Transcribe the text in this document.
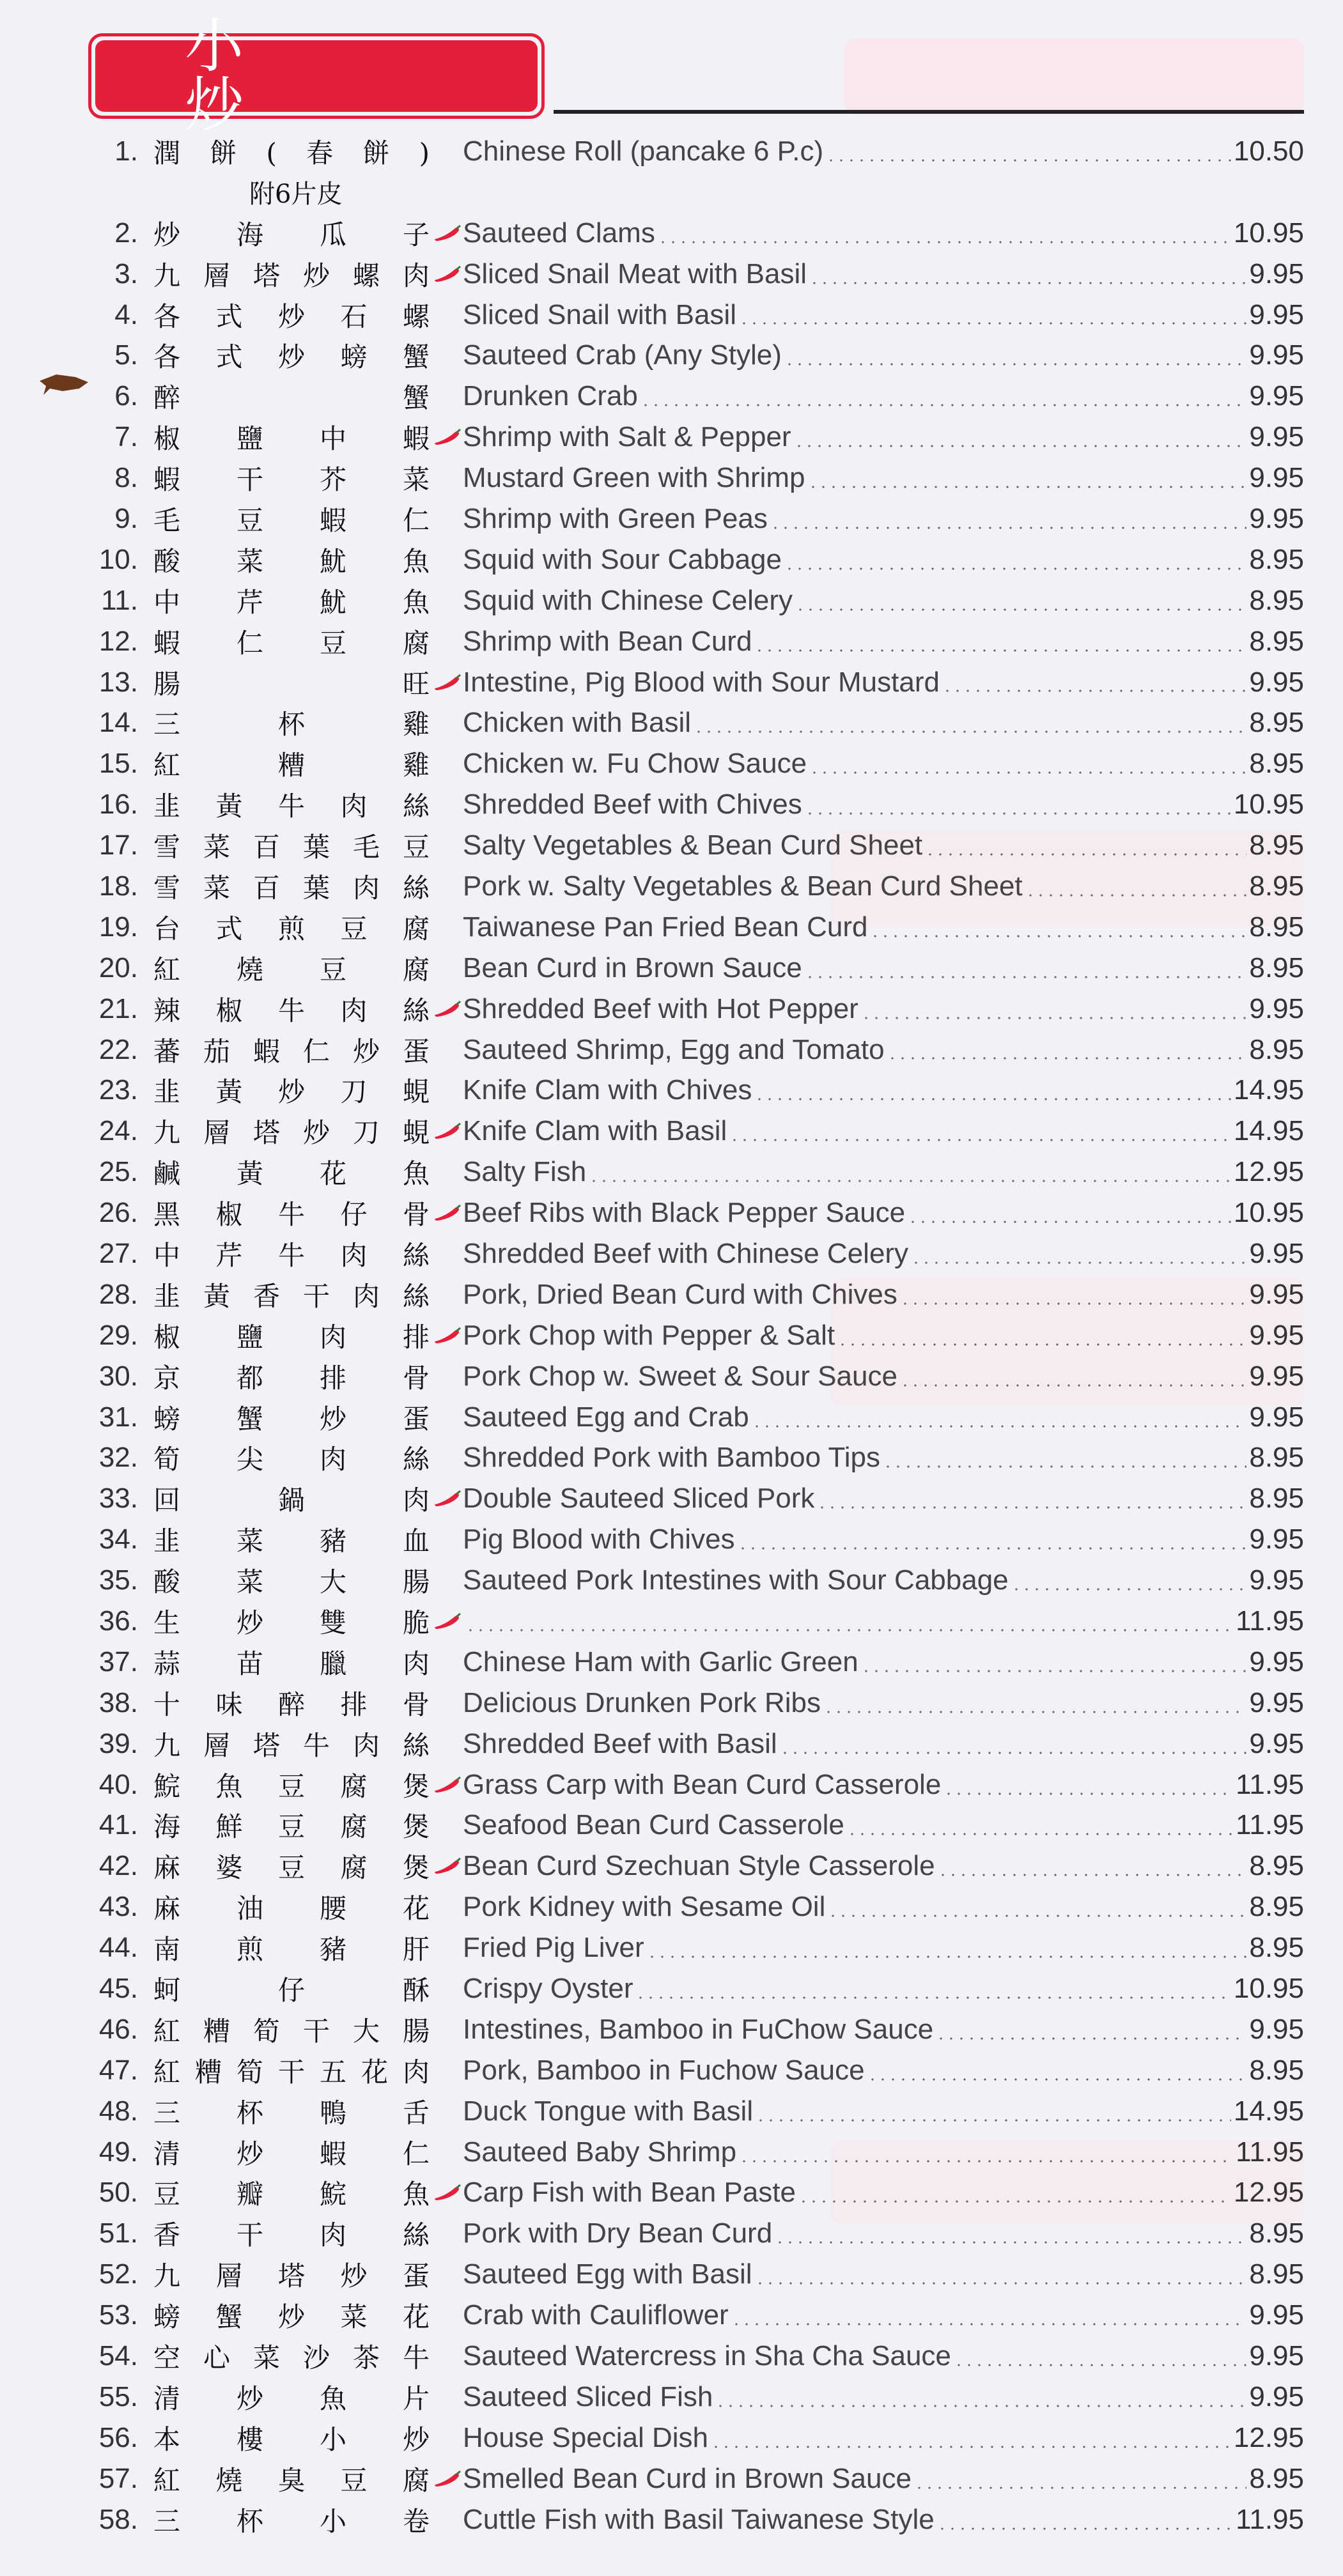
小 炒
1. 潤餅(春餅) Chinese Roll (pancake 6 P.c)	10.50
附6片皮
2. 炒海瓜子 Sauteed Clams	10.95
3. 九層塔炒螺肉 Sliced Snail Meat with Basil	9.95
4. 各式炒石螺 Sliced Snail with Basil	9.95
5. 各式炒螃蟹 Sauteed Crab (Any Style)	9.95
6. 醉蟹 Drunken Crab	9.95
7. 椒鹽中蝦 Shrimp with Salt & Pepper	9.95
8. 蝦干芥菜 Mustard Green with Shrimp	9.95
9. 毛豆蝦仁 Shrimp with Green Peas	9.95
10. 酸菜魷魚 Squid with Sour Cabbage	8.95
11. 中芹魷魚 Squid with Chinese Celery	8.95
12. 蝦仁豆腐 Shrimp with Bean Curd	8.95
13. 腸旺 Intestine, Pig Blood with Sour Mustard	9.95
14. 三杯雞 Chicken with Basil	8.95
15. 紅糟雞 Chicken w. Fu Chow Sauce	8.95
16. 韭黃牛肉絲 Shredded Beef with Chives	10.95
17. 雪菜百葉毛豆 Salty Vegetables & Bean Curd Sheet	8.95
18. 雪菜百葉肉絲 Pork w. Salty Vegetables & Bean Curd Sheet	8.95
19. 台式煎豆腐 Taiwanese Pan Fried Bean Curd	8.95
20. 紅燒豆腐 Bean Curd in Brown Sauce	8.95
21. 辣椒牛肉絲 Shredded Beef with Hot Pepper	9.95
22. 蕃茄蝦仁炒蛋 Sauteed Shrimp, Egg and Tomato	8.95
23. 韭黃炒刀蜆 Knife Clam with Chives	14.95
24. 九層塔炒刀蜆 Knife Clam with Basil	14.95
25. 鹹黃花魚 Salty Fish	12.95
26. 黑椒牛仔骨 Beef Ribs with Black Pepper Sauce	10.95
27. 中芹牛肉絲 Shredded Beef with Chinese Celery	9.95
28. 韭黃香干肉絲 Pork, Dried Bean Curd with Chives	9.95
29. 椒鹽肉排 Pork Chop with Pepper & Salt	9.95
30. 京都排骨 Pork Chop w. Sweet & Sour Sauce	9.95
31. 螃蟹炒蛋 Sauteed Egg and Crab	9.95
32. 筍尖肉絲 Shredded Pork with Bamboo Tips	8.95
33. 回鍋肉 Double Sauteed Sliced Pork	8.95
34. 韭菜豬血 Pig Blood with Chives	9.95
35. 酸菜大腸 Sauteed Pork Intestines with Sour Cabbage	9.95
36. 生炒雙脆	11.95
37. 蒜苗臘肉 Chinese Ham with Garlic Green	9.95
38. 十味醉排骨 Delicious Drunken Pork Ribs	9.95
39. 九層塔牛肉絲 Shredded Beef with Basil	9.95
40. 鯇魚豆腐煲 Grass Carp with Bean Curd Casserole	11.95
41. 海鮮豆腐煲 Seafood Bean Curd Casserole	11.95
42. 麻婆豆腐煲 Bean Curd Szechuan Style Casserole	8.95
43. 麻油腰花 Pork Kidney with Sesame Oil	8.95
44. 南煎豬肝 Fried Pig Liver	8.95
45. 蚵仔酥 Crispy Oyster	10.95
46. 紅糟筍干大腸 Intestines, Bamboo in FuChow Sauce	9.95
47. 紅糟筍干五花肉 Pork, Bamboo in Fuchow Sauce	8.95
48. 三杯鴨舌 Duck Tongue with Basil	14.95
49. 清炒蝦仁 Sauteed Baby Shrimp	11.95
50. 豆瓣鯇魚 Carp Fish with Bean Paste	12.95
51. 香干肉絲 Pork with Dry Bean Curd	8.95
52. 九層塔炒蛋 Sauteed Egg with Basil	8.95
53. 螃蟹炒菜花 Crab with Cauliflower	9.95
54. 空心菜沙茶牛 Sauteed Watercress in Sha Cha Sauce	9.95
55. 清炒魚片 Sauteed Sliced Fish	9.95
56. 本樓小炒 House Special Dish	12.95
57. 紅燒臭豆腐 Smelled Bean Curd in Brown Sauce	8.95
58. 三杯小卷 Cuttle Fish with Basil Taiwanese Style	11.95
